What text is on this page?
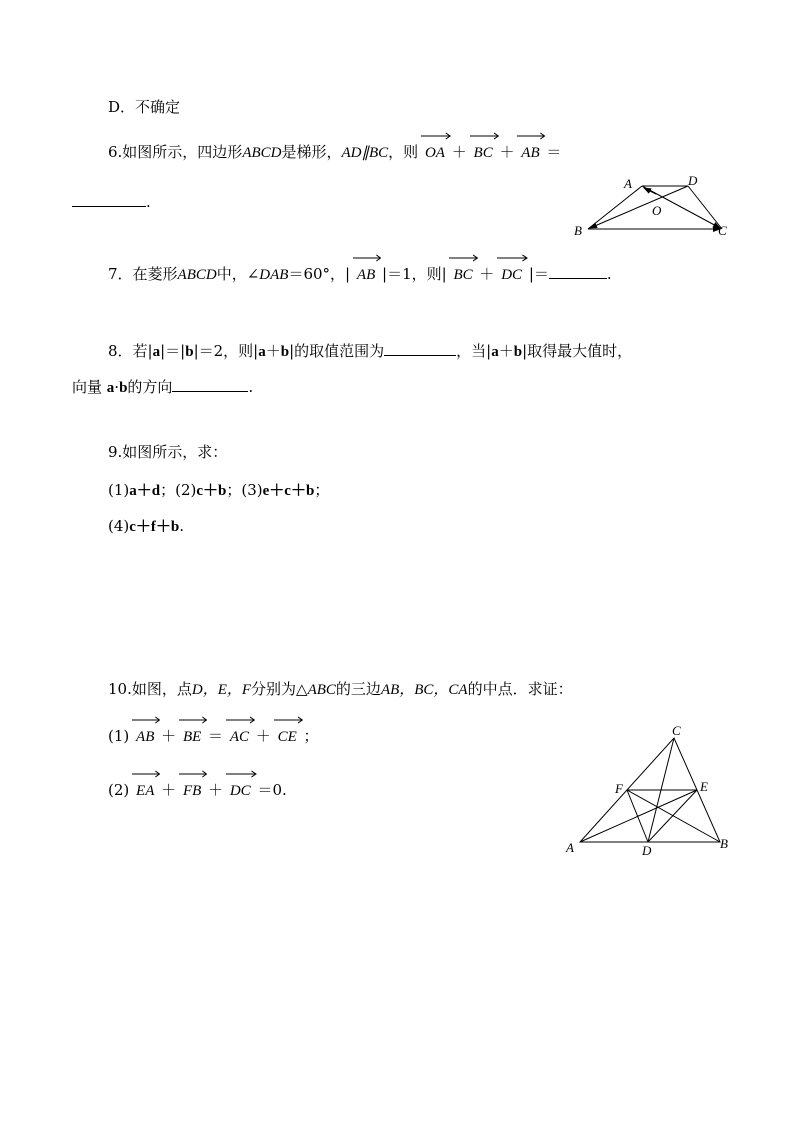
D．不确定
6.如图所示，四边形ABCD是梯形，AD∥BC，则 OA ＋ BC ＋ AB ＝
.
A	D
O
B	C
7．在菱形ABCD中，∠DAB＝60°，| AB |＝1，则| BC ＋ DC |＝	.
8．若|a|＝|b|＝2，则|a＋b|的取值范围为	，当|a＋b|取得最大值时，
向量 a·b的方向	.
9.如图所示，求：
(1)a＋d；(2)c＋b；(3)e＋c＋b；
(4)c＋f＋b.
10.如图，点D，E，F分别为△ABC的三边AB，BC，CA的中点．求证：
(1) AB ＋ BE ＝ AC ＋ CE ；
(2) EA ＋ FB ＋ DC ＝0.
C
F	E
A	D	B
